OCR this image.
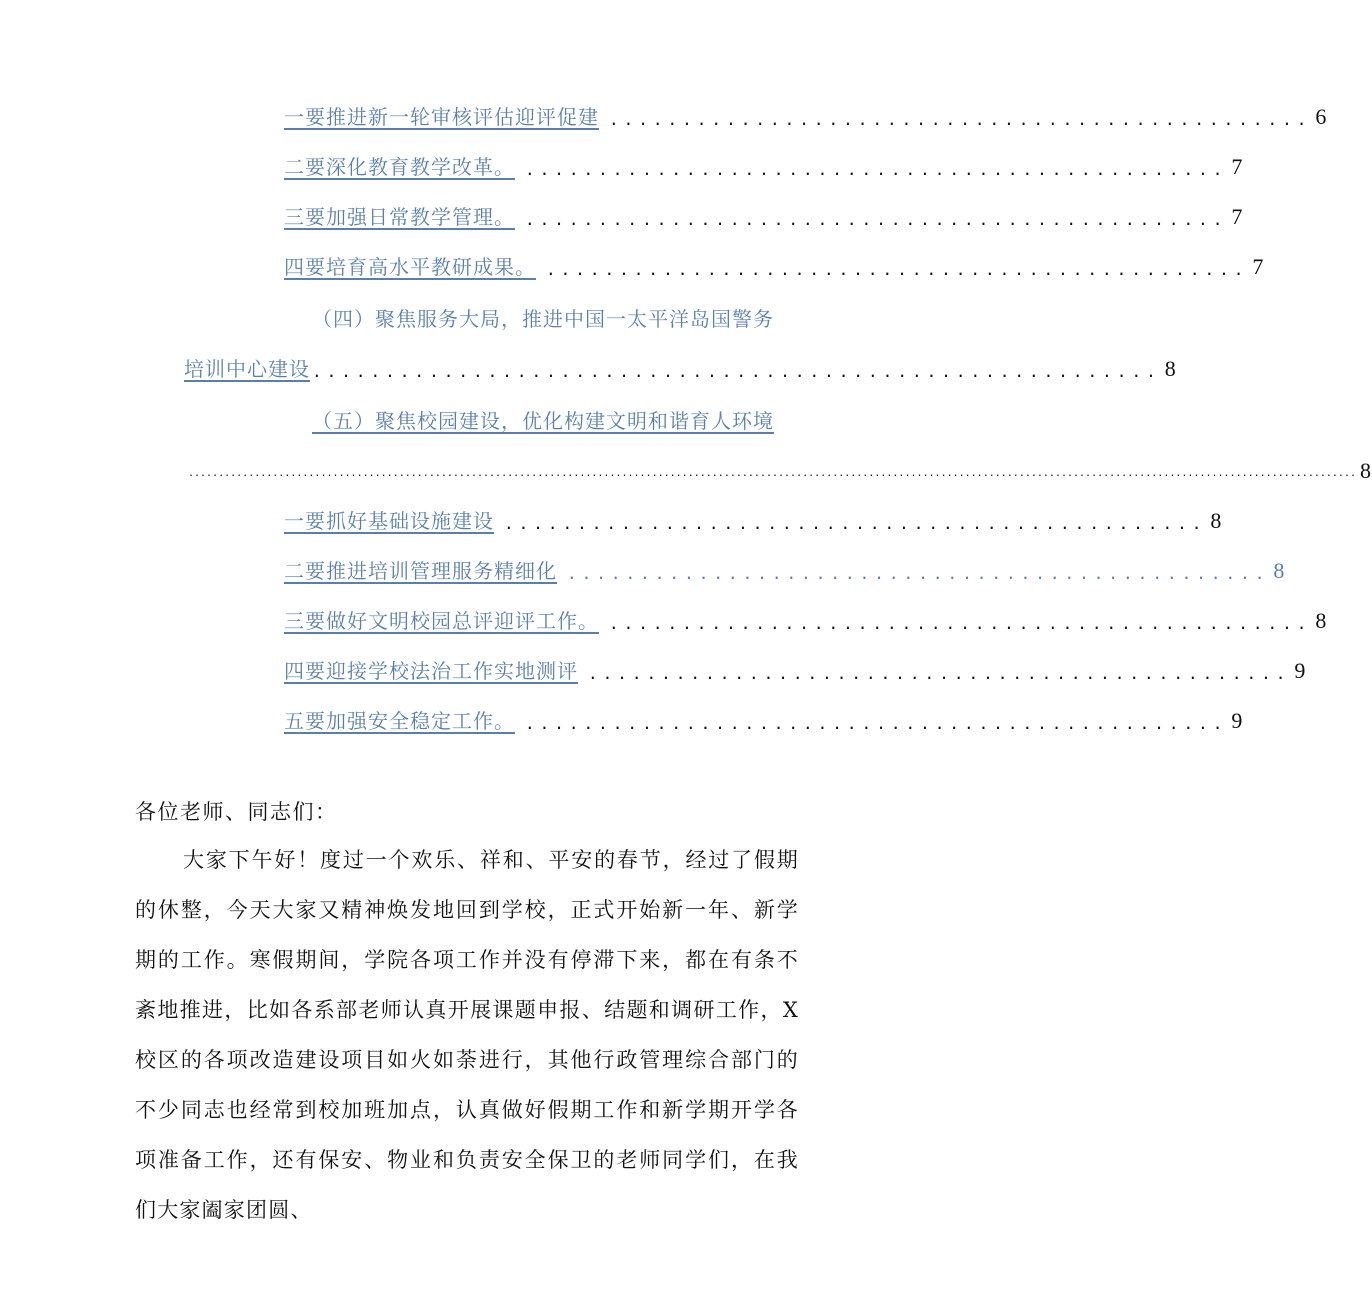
一要推进新一轮审核评估迎评促建 ................................................ 6
二要深化教育教学改革。 ................................................ 7
三要加强日常教学管理。 ................................................ 7
四要培育高水平教研成果。 ................................................ 7
（四）聚焦服务大局，推进中国一太平洋岛国警务
培训中心建设 .......................................................... 8
（五）聚焦校园建设，优化构建文明和谐育人环境
.................................................................................................................................................................................................. 8
一要抓好基础设施建设 ................................................ 8
二要推进培训管理服务精细化 ................................................ 8
三要做好文明校园总评迎评工作。 ................................................ 8
四要迎接学校法治工作实地测评 ................................................ 9
五要加强安全稳定工作。 ................................................ 9
各位老师、同志们：

大家下午好！度过一个欢乐、祥和、平安的春节，经过了假期的休整，今天大家又精神焕发地回到学校，正式开始新一年、新学期的工作。寒假期间，学院各项工作并没有停滞下来，都在有条不紊地推进，比如各系部老师认真开展课题申报、结题和调研工作，X校区的各项改造建设项目如火如荼进行，其他行政管理综合部门的不少同志也经常到校加班加点，认真做好假期工作和新学期开学各项准备工作，还有保安、物业和负责安全保卫的老师同学们，在我们大家阖家团圆、
